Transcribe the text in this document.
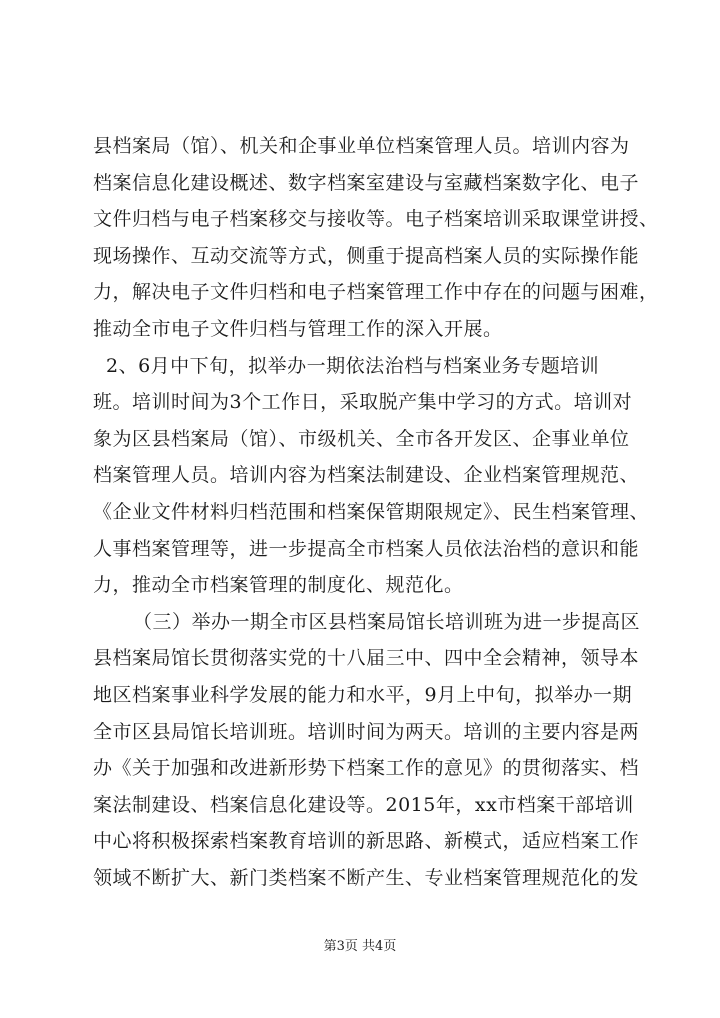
县档案局（馆）、机关和企事业单位档案管理人员。培训内容为
档案信息化建设概述、数字档案室建设与室藏档案数字化、电子
文件归档与电子档案移交与接收等。电子档案培训采取课堂讲授、
现场操作、互动交流等方式，侧重于提高档案人员的实际操作能
力，解决电子文件归档和电子档案管理工作中存在的问题与困难，
推动全市电子文件归档与管理工作的深入开展。
2、6月中下旬，拟举办一期依法治档与档案业务专题培训
班。培训时间为3个工作日，采取脱产集中学习的方式。培训对
象为区县档案局（馆）、市级机关、全市各开发区、企事业单位
档案管理人员。培训内容为档案法制建设、企业档案管理规范、
《企业文件材料归档范围和档案保管期限规定》、民生档案管理、
人事档案管理等，进一步提高全市档案人员依法治档的意识和能
力，推动全市档案管理的制度化、规范化。
（三）举办一期全市区县档案局馆长培训班为进一步提高区
县档案局馆长贯彻落实党的十八届三中、四中全会精神，领导本
地区档案事业科学发展的能力和水平，9月上中旬，拟举办一期
全市区县局馆长培训班。培训时间为两天。培训的主要内容是两
办《关于加强和改进新形势下档案工作的意见》的贯彻落实、档
案法制建设、档案信息化建设等。2015年，xx市档案干部培训
中心将积极探索档案教育培训的新思路、新模式，适应档案工作
领域不断扩大、新门类档案不断产生、专业档案管理规范化的发
第3页 共4页
